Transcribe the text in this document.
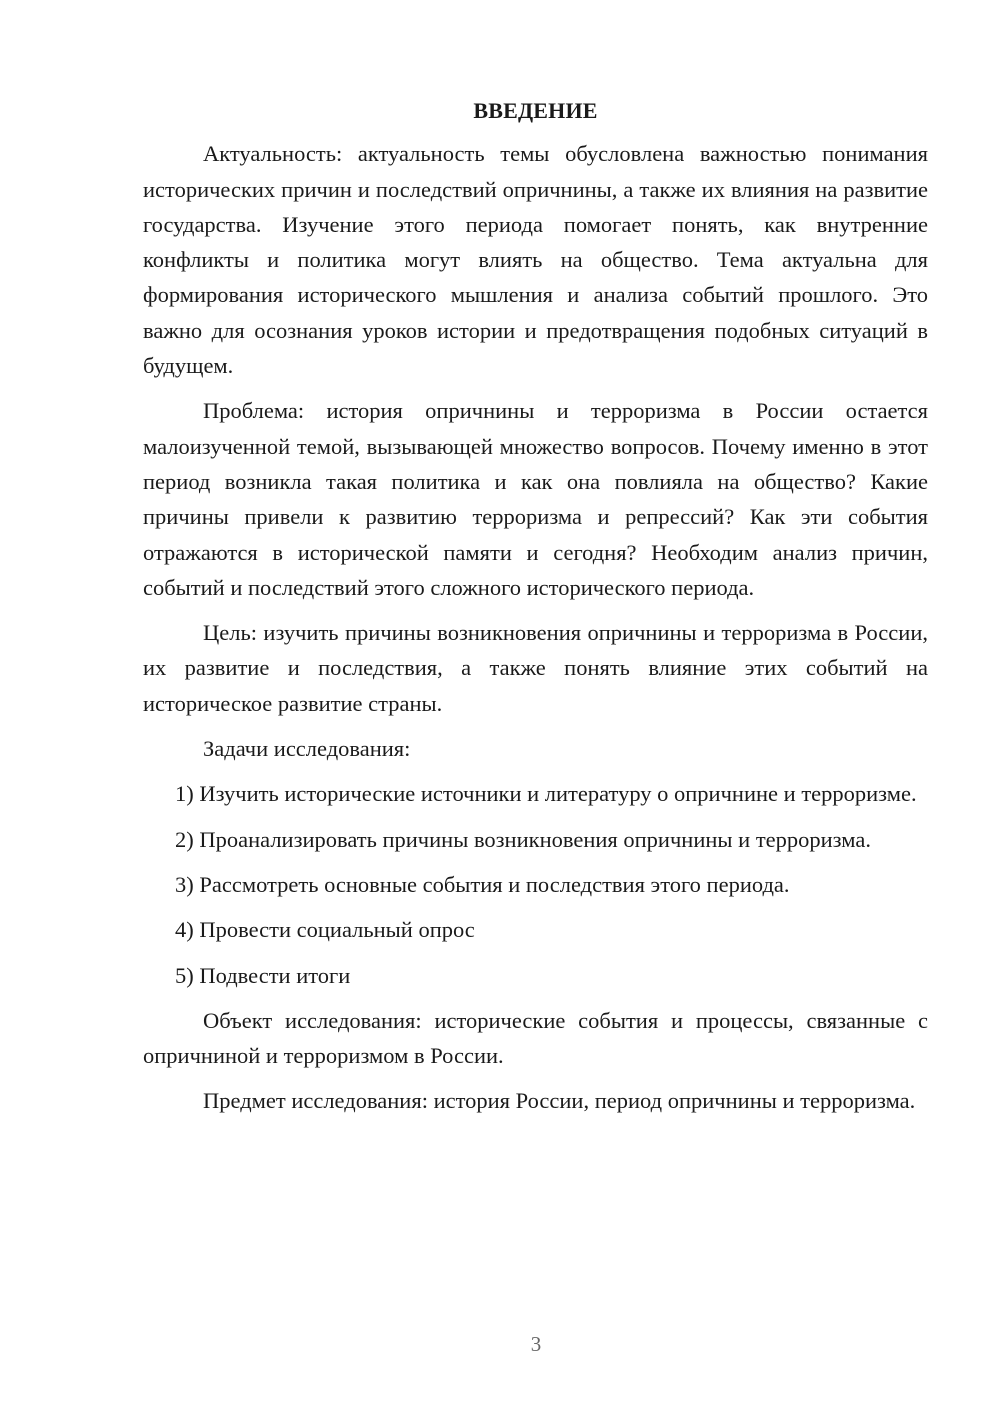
ВВЕДЕНИЕ

Актуальность: актуальность темы обусловлена важностью понимания исторических причин и последствий опричнины, а также их влияния на развитие государства. Изучение этого периода помогает понять, как внутренние конфликты и политика могут влиять на общество. Тема актуальна для формирования исторического мышления и анализа событий прошлого. Это важно для осознания уроков истории и предотвращения подобных ситуаций в будущем.

Проблема: история опричнины и терроризма в России остается малоизученной темой, вызывающей множество вопросов. Почему именно в этот период возникла такая политика и как она повлияла на общество? Какие причины привели к развитию терроризма и репрессий? Как эти события отражаются в исторической памяти и сегодня? Необходим анализ причин, событий и последствий этого сложного исторического периода.

Цель: изучить причины возникновения опричнины и терроризма в России, их развитие и последствия, а также понять влияние этих событий на историческое развитие страны.

Задачи исследования:

1) Изучить исторические источники и литературу о опричнине и терроризме.

2) Проанализировать причины возникновения опричнины и терроризма.

3) Рассмотреть основные события и последствия этого периода.

4) Провести социальный опрос

5) Подвести итоги

Объект исследования: исторические события и процессы, связанные с опричниной и терроризмом в России.

Предмет исследования: история России, период опричнины и терроризма.

3
